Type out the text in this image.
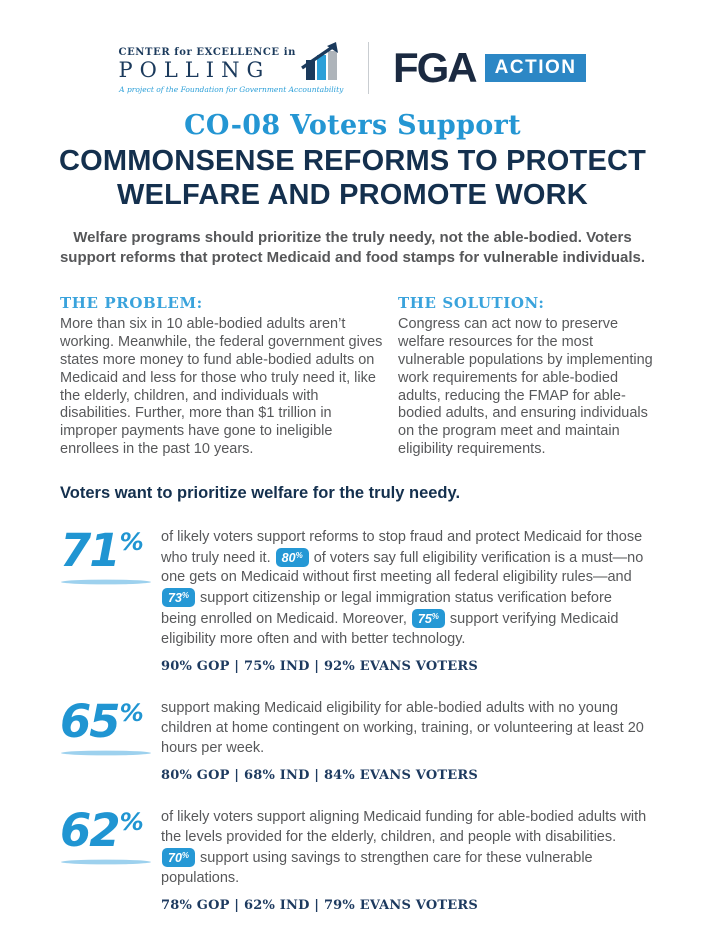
CENTER for EXCELLENCE in
POLLING
A project of the Foundation for Government Accountability FGA	ACTION
CO-08 Voters Support
COMMONSENSE REFORMS TO PROTECT
WELFARE AND PROMOTE WORK
Welfare programs should prioritize the truly needy, not the able-bodied. Voters support reforms that protect Medicaid and food stamps for vulnerable individuals.
THE PROBLEM:
More than six in 10 able-bodied adults aren’t working. Meanwhile, the federal government gives states more money to fund able-bodied adults on Medicaid and less for those who truly need it, like the elderly, children, and individuals with disabilities. Further, more than $1 trillion in improper payments have gone to ineligible enrollees in the past 10 years.
THE SOLUTION:
Congress can act now to preserve welfare resources for the most vulnerable populations by implementing work requirements for able-bodied adults, reducing the FMAP for able-bodied adults, and ensuring individuals on the program meet and maintain eligibility requirements.
Voters want to prioritize welfare for the truly needy.
71 % of likely voters support reforms to stop fraud and protect Medicaid for those who truly need it. 80% of voters say full eligibility verification is a must—no one gets on Medicaid without first meeting all federal eligibility rules—and 73% support citizenship or legal immigration status verification before being enrolled on Medicaid. Moreover, 75% support verifying Medicaid eligibility more often and with better technology.
90% GOP | 75% IND | 92% EVANS VOTERS
65 % support making Medicaid eligibility for able-bodied adults with no young children at home contingent on working, training, or volunteering at least 20 hours per week.
80% GOP | 68% IND | 84% EVANS VOTERS
62 % of likely voters support aligning Medicaid funding for able-bodied adults with the levels provided for the elderly, children, and people with disabilities. 70% support using savings to strengthen care for these vulnerable populations.
78% GOP | 62% IND | 79% EVANS VOTERS
